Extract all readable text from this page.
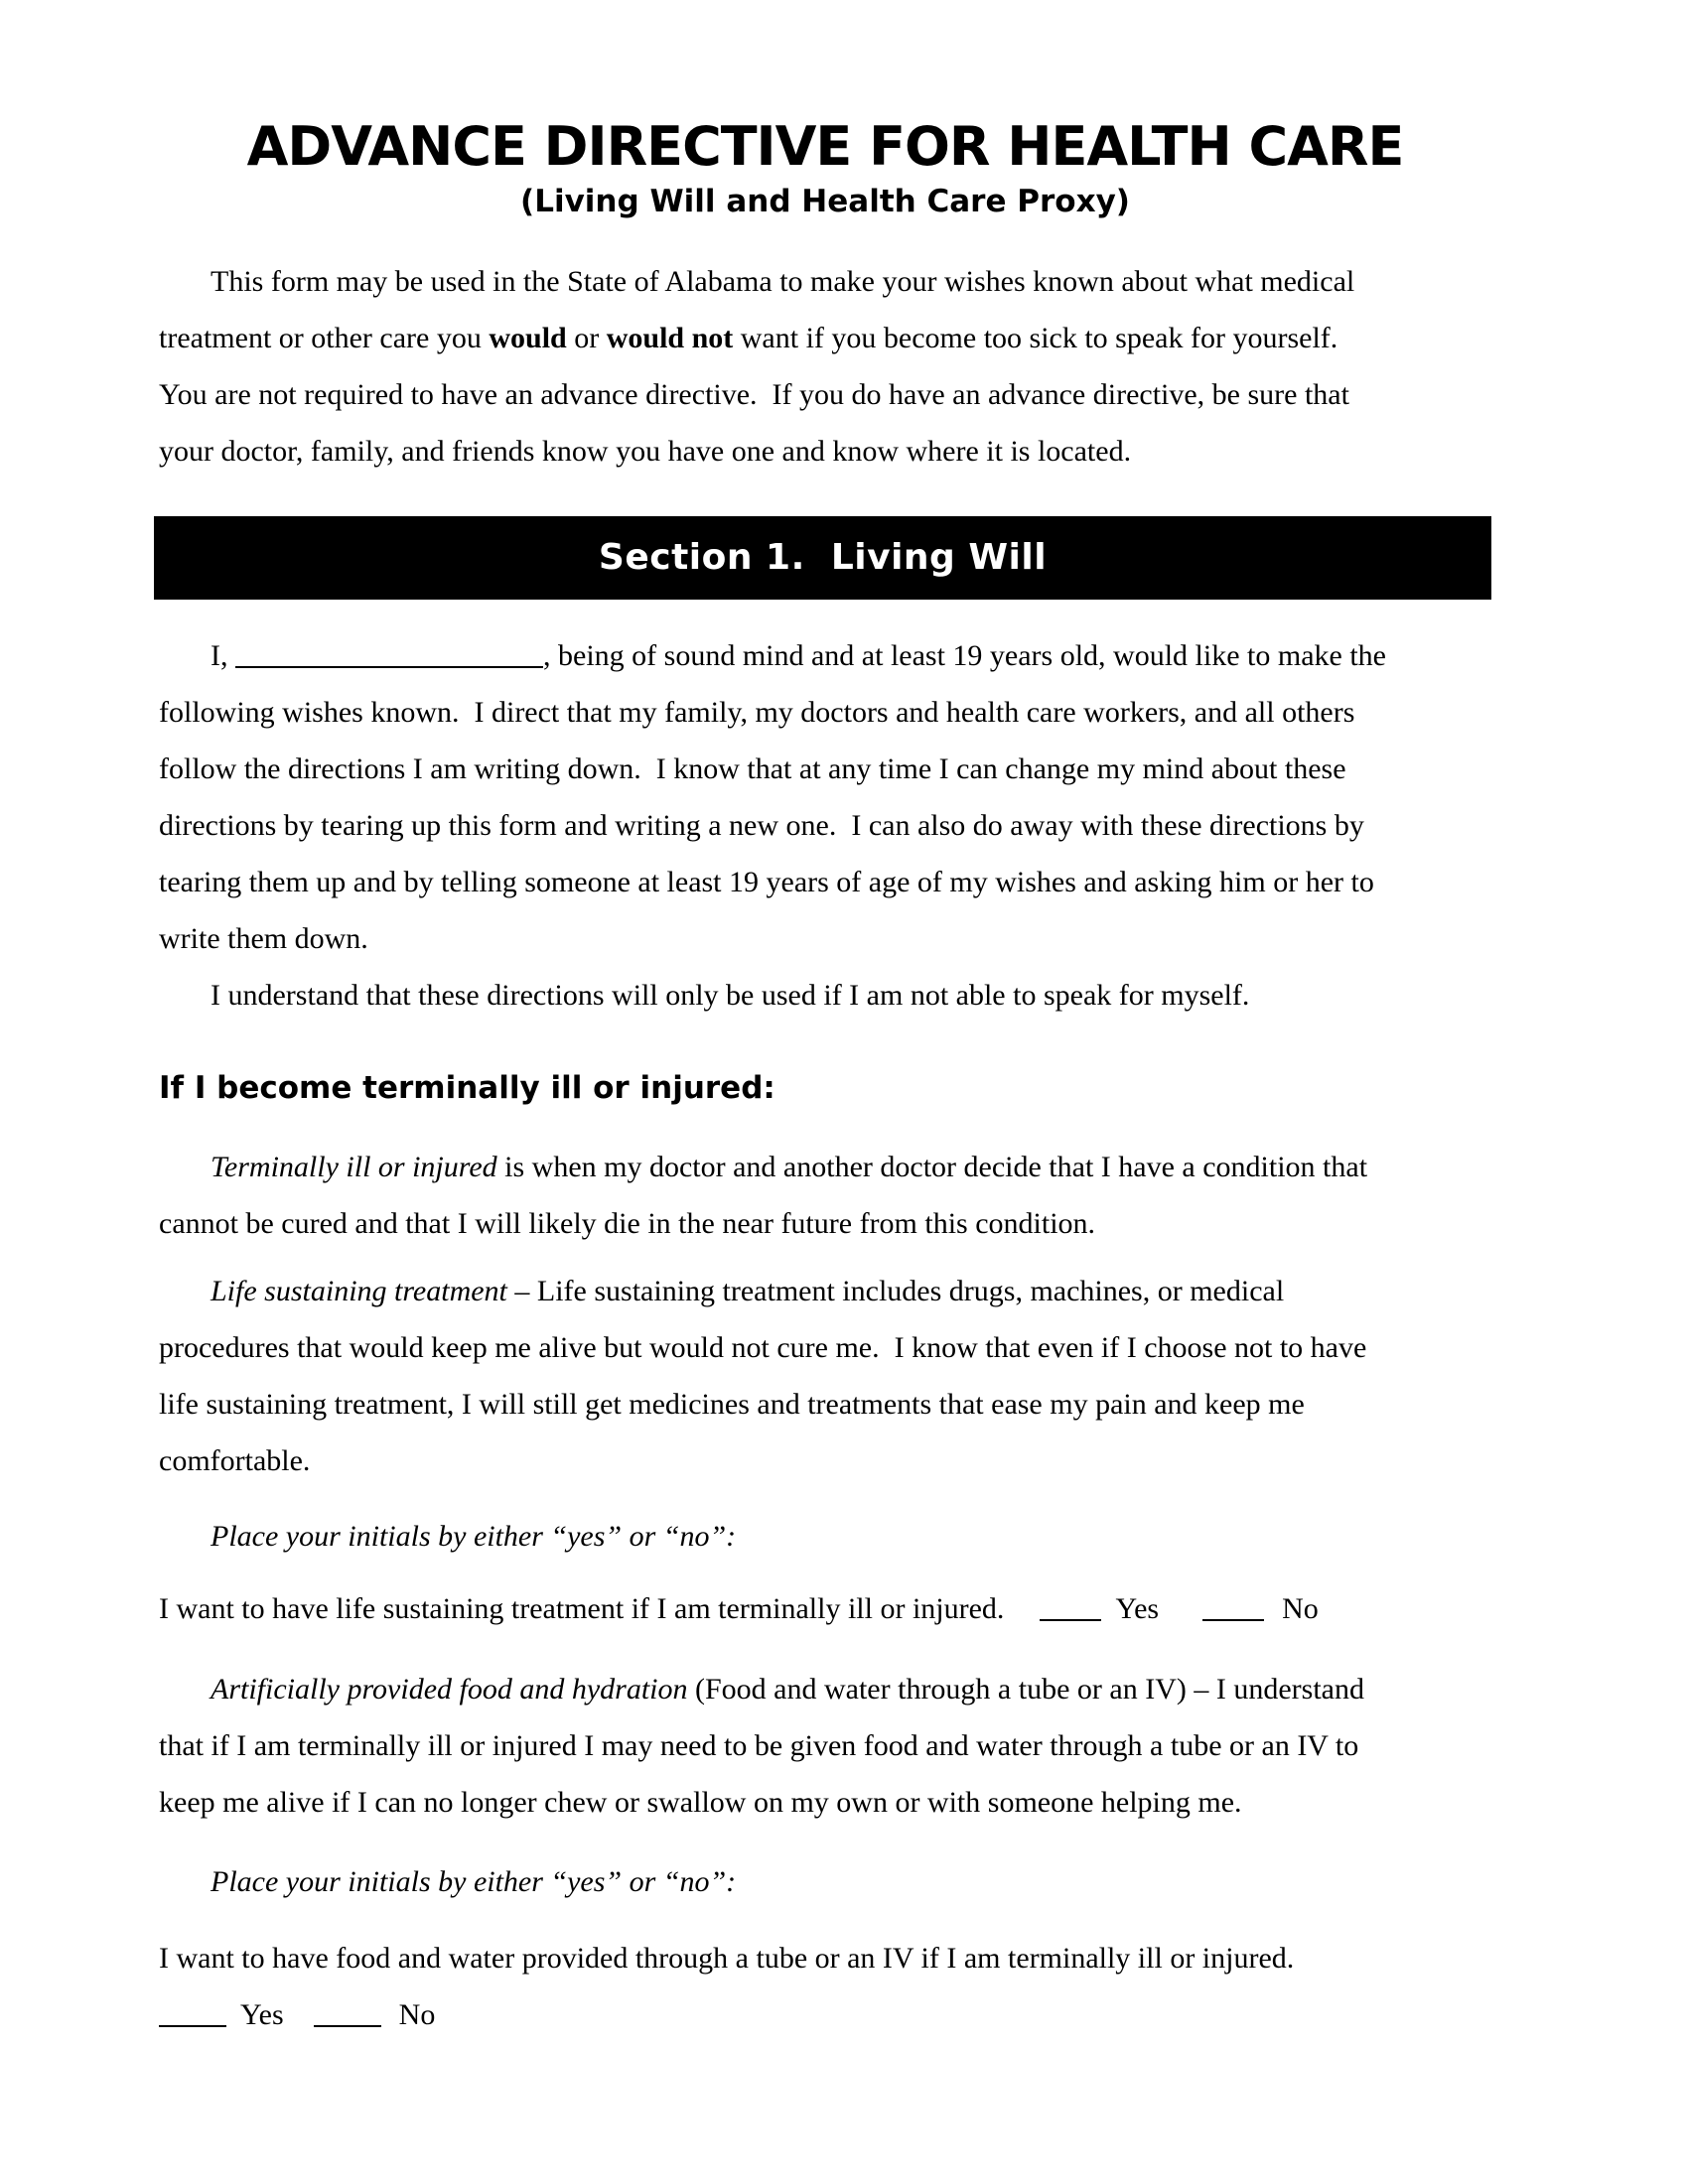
ADVANCE DIRECTIVE FOR HEALTH CARE
(Living Will and Health Care Proxy)
This form may be used in the State of Alabama to make your wishes known about what medical
treatment or other care you would or would not want if you become too sick to speak for yourself.
You are not required to have an advance directive.  If you do have an advance directive, be sure that
your doctor, family, and friends know you have one and know where it is located.
Section 1.  Living Will
I,	, being of sound mind and at least 19 years old, would like to make the
following wishes known.  I direct that my family, my doctors and health care workers, and all others
follow the directions I am writing down.  I know that at any time I can change my mind about these
directions by tearing up this form and writing a new one.  I can also do away with these directions by
tearing them up and by telling someone at least 19 years of age of my wishes and asking him or her to
write them down.
I understand that these directions will only be used if I am not able to speak for myself.
If I become terminally ill or injured:
Terminally ill or injured is when my doctor and another doctor decide that I have a condition that
cannot be cured and that I will likely die in the near future from this condition.
Life sustaining treatment – Life sustaining treatment includes drugs, machines, or medical
procedures that would keep me alive but would not cure me.  I know that even if I choose not to have
life sustaining treatment, I will still get medicines and treatments that ease my pain and keep me
comfortable.
Place your initials by either “yes” or “no”:
I want to have life sustaining treatment if I am terminally ill or injured.	Yes	No
Artificially provided food and hydration (Food and water through a tube or an IV) – I understand
that if I am terminally ill or injured I may need to be given food and water through a tube or an IV to
keep me alive if I can no longer chew or swallow on my own or with someone helping me.
Place your initials by either “yes” or “no”:
I want to have food and water provided through a tube or an IV if I am terminally ill or injured.
Yes	No
